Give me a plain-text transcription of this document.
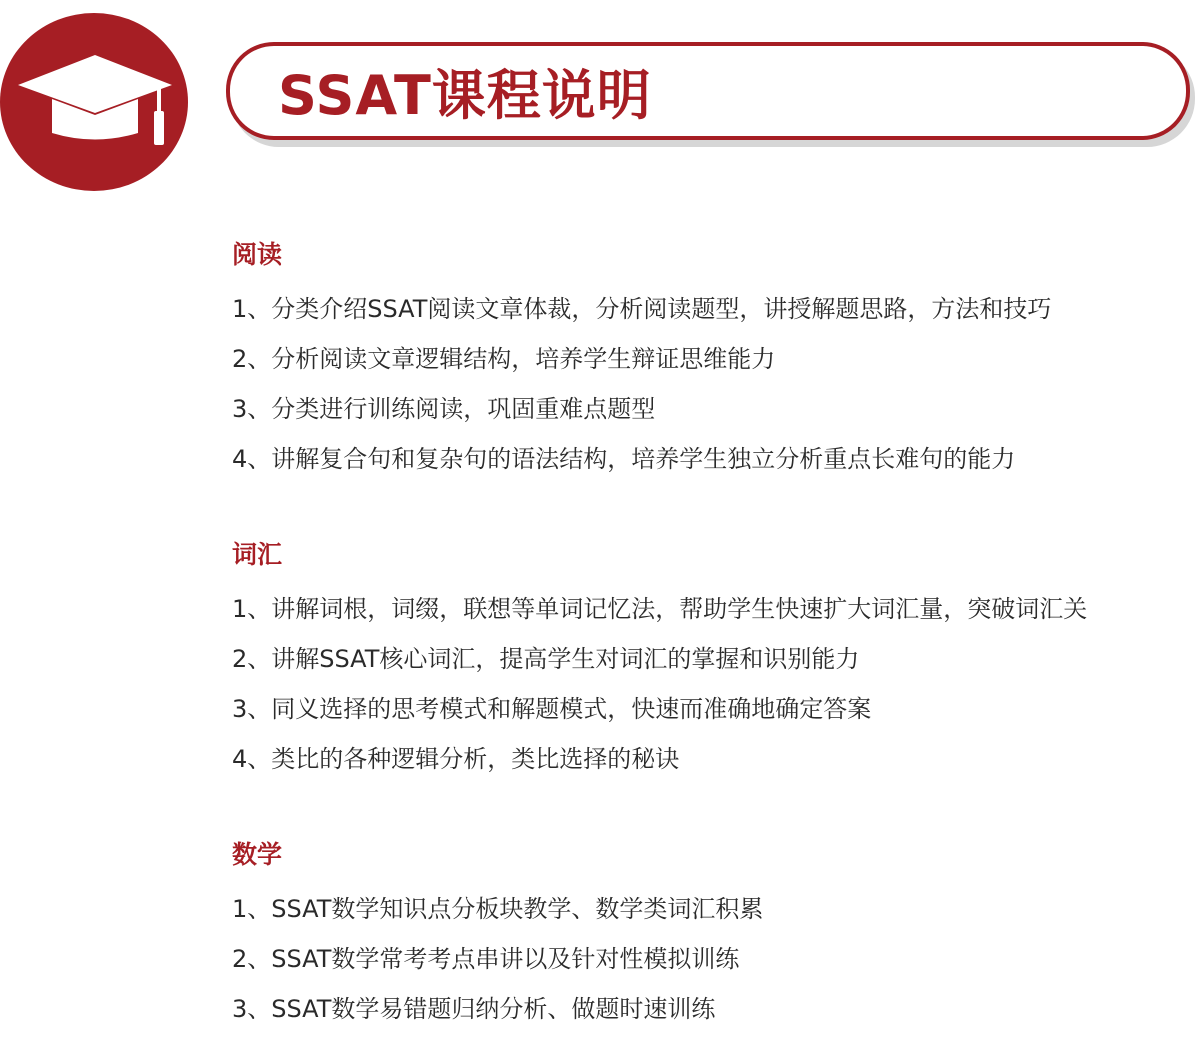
SSAT课程说明
阅读
1、分类介绍SSAT阅读文章体裁，分析阅读题型，讲授解题思路，方法和技巧
2、分析阅读文章逻辑结构，培养学生辩证思维能力
3、分类进行训练阅读，巩固重难点题型
4、讲解复合句和复杂句的语法结构，培养学生独立分析重点长难句的能力
词汇
1、讲解词根，词缀，联想等单词记忆法，帮助学生快速扩大词汇量，突破词汇关
2、讲解SSAT核心词汇，提高学生对词汇的掌握和识别能力
3、同义选择的思考模式和解题模式，快速而准确地确定答案
4、类比的各种逻辑分析，类比选择的秘诀
数学
1、SSAT数学知识点分板块教学、数学类词汇积累
2、SSAT数学常考考点串讲以及针对性模拟训练
3、SSAT数学易错题归纳分析、做题时速训练
